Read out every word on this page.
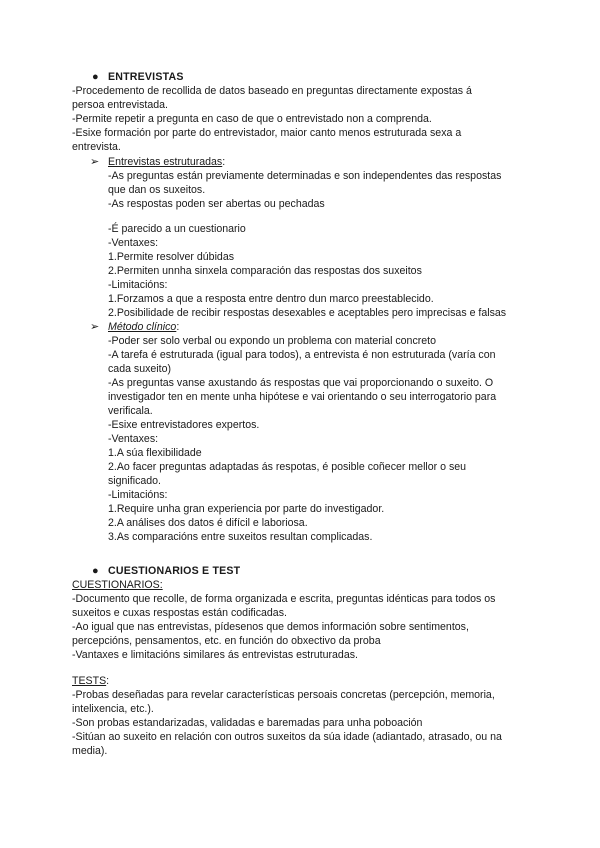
● ENTREVISTAS
-Procedemento de recollida de datos baseado en preguntas directamente expostas á
persoa entrevistada.
-Permite repetir a pregunta en caso de que o entrevistado non a comprenda.
-Esixe formación por parte do entrevistador, maior canto menos estruturada sexa a
entrevista.
➢ Entrevistas estruturadas:
-As preguntas están previamente determinadas e son independentes das respostas
que dan os suxeitos.
-As respostas poden ser abertas ou pechadas
-É parecido a un cuestionario
-Ventaxes:
1.Permite resolver dúbidas
2.Permiten unnha sinxela comparación das respostas dos suxeitos
-Limitacións:
1.Forzamos a que a resposta entre dentro dun marco preestablecido.
2.Posibilidade de recibir respostas desexables e aceptables pero imprecisas e falsas
➢ Método clínico:
-Poder ser solo verbal ou expondo un problema con material concreto
-A tarefa é estruturada (igual para todos), a entrevista é non estruturada (varía con
cada suxeito)
-As preguntas vanse axustando ás respostas que vai proporcionando o suxeito. O
investigador ten en mente unha hipótese e vai orientando o seu interrogatorio para
verificala.
-Esixe entrevistadores expertos.
-Ventaxes:
1.A súa flexibilidade
2.Ao facer preguntas adaptadas ás respotas, é posible coñecer mellor o seu
significado.
-Limitacións:
1.Require unha gran experiencia por parte do investigador.
2.A análises dos datos é difícil e laboriosa.
3.As comparacións entre suxeitos resultan complicadas.
● CUESTIONARIOS E TEST
CUESTIONARIOS:
-Documento que recolle, de forma organizada e escrita, preguntas idénticas para todos os
suxeitos e cuxas respostas están codificadas.
-Ao igual que nas entrevistas, pídesenos que demos información sobre sentimentos,
percepcións, pensamentos, etc. en función do obxectivo da proba
-Vantaxes e limitacións similares ás entrevistas estruturadas.
TESTS:
-Probas deseñadas para revelar características persoais concretas (percepción, memoria,
intelixencia, etc.).
-Son probas estandarizadas, validadas e baremadas para unha poboación
-Sitúan ao suxeito en relación con outros suxeitos da súa idade (adiantado, atrasado, ou na
media).
